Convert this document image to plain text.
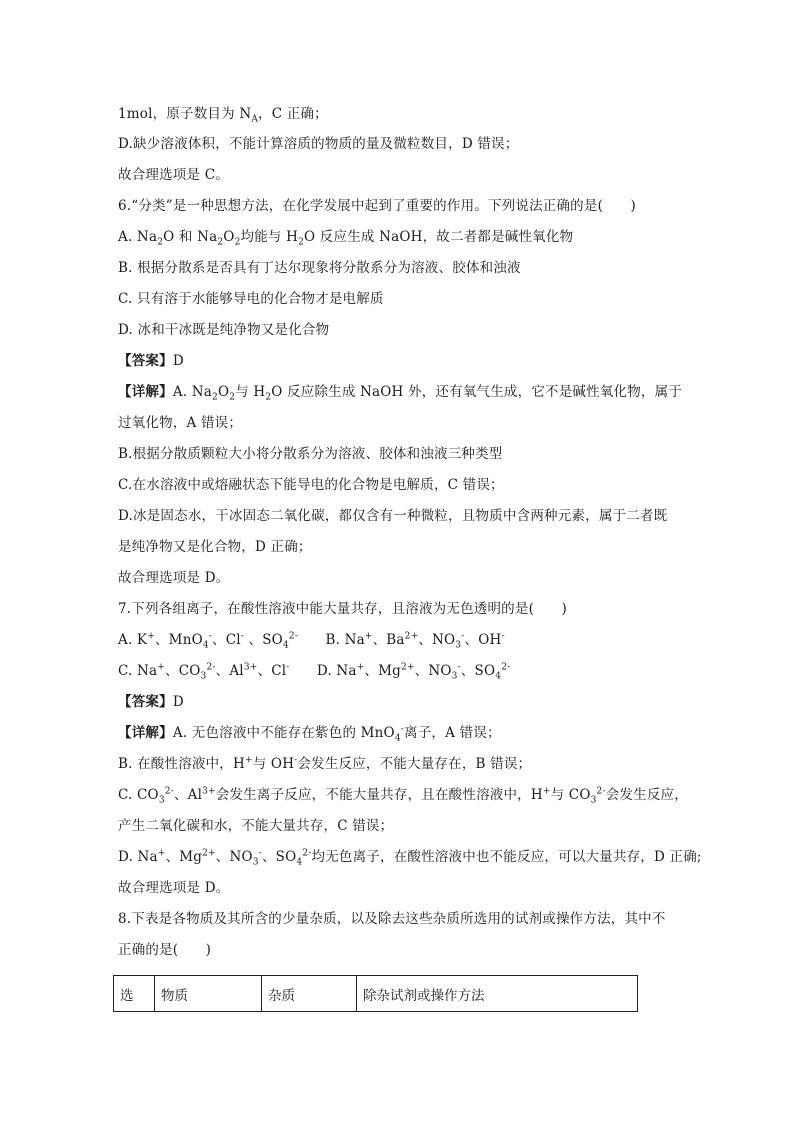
1mol，原子数目为 $N_A$，C 正确；
D.缺少溶液体积，不能计算溶质的物质的量及微粒数目，D 错误；
故合理选项是 C。
6.“分类”是一种思想方法，在化学发展中起到了重要的作用。下列说法正确的是(　　)
A. $Na_2O$ 和 $Na_2O_2$均能与 $H_2O$ 反应生成 NaOH，故二者都是碱性氧化物
B. 根据分散系是否具有丁达尔现象将分散系分为溶液、胶体和浊液
C. 只有溶于水能够导电的化合物才是电解质
D. 冰和干冰既是纯净物又是化合物
【答案】D
【详解】A. $Na_2O_2$与 $H_2O$ 反应除生成 NaOH 外，还有氧气生成，它不是碱性氧化物，属于
过氧化物，A 错误；
B.根据分散质颗粒大小将分散系分为溶液、胶体和浊液三种类型
C.在水溶液中或熔融状态下能导电的化合物是电解质，C 错误；
D.冰是固态水，干冰固态二氧化碳，都仅含有一种微粒，且物质中含两种元素，属于二者既
是纯净物又是化合物，D 正确；
故合理选项是 D。
7.下列各组离子，在酸性溶液中能大量共存，且溶液为无色透明的是(　　)
A. K+、MnO$_4$-、Cl- 、$SO_4^{2-}$　　B. Na+、$Ba^{2+}$、$NO_3^-$、OH-
C. Na+、$CO_3^{2-}$、$Al^{3+}$、Cl-　　D. Na+、$Mg^{2+}$、$NO_3^-$、$SO_4^{2-}$
【答案】D
【详解】A. 无色溶液中不能存在紫色的 MnO$_4$-离子，A 错误；
B. 在酸性溶液中，H+与 OH-会发生反应，不能大量存在，B 错误；
C. $CO_3^{2-}$、$Al^{3+}$会发生离子反应，不能大量共存，且在酸性溶液中，H+与 $CO_3^{2-}$会发生反应，
产生二氧化碳和水，不能大量共存，C 错误；
D. Na+、$Mg^{2+}$、$NO_3^-$、$SO_4^{2-}$均无色离子，在酸性溶液中也不能反应，可以大量共存，D 正确;
故合理选项是 D。
8.下表是各物质及其所含的少量杂质，以及除去这些杂质所选用的试剂或操作方法，其中不
正确的是(　　)
选	物质	杂质	除杂试剂或操作方法
